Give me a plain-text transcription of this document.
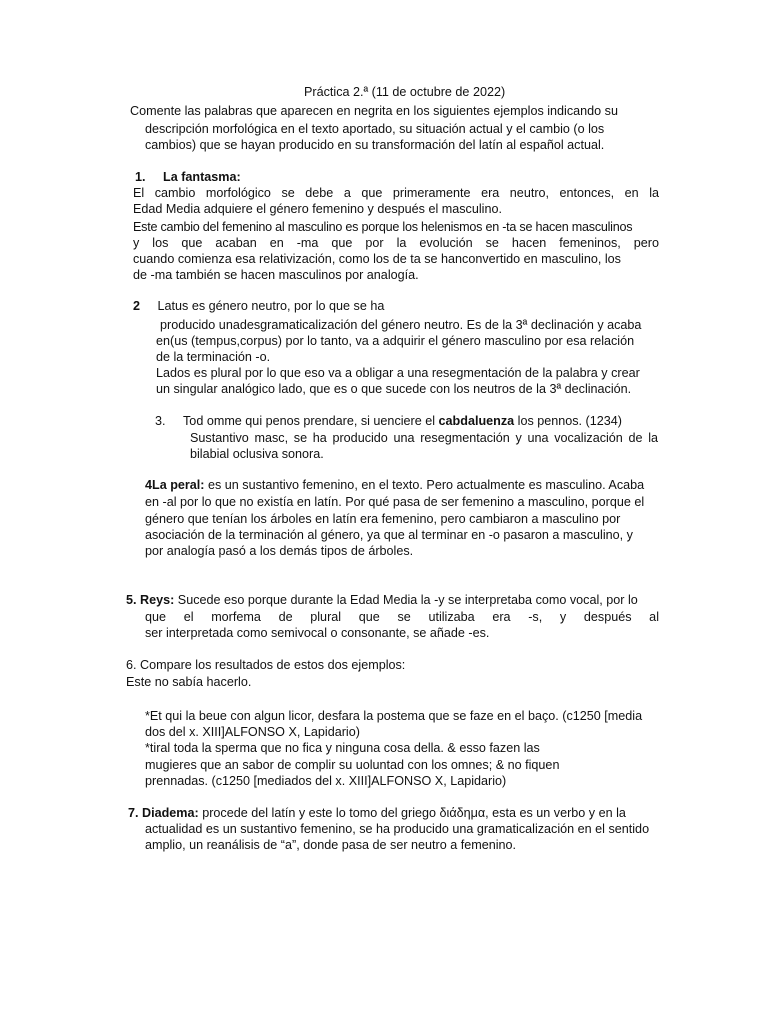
Práctica 2.ª (11 de octubre de 2022)
Comente las palabras que aparecen en negrita en los siguientes ejemplos indicando su
descripción morfológica en el texto aportado, su situación actual y el cambio (o los
cambios) que se hayan producido en su transformación del latín al español actual.
1. La fantasma:
El cambio morfológico se debe a que primeramente era neutro, entonces, en la
Edad Media adquiere el género femenino y después el masculino.
Este cambio del femenino al masculino es porque los helenismos en -ta se hacen masculinos
y los que acaban en -ma que por la evolución se hacen femeninos, pero
cuando comienza esa relativización, como los de ta se hanconvertido en masculino, los
de -ma también se hacen masculinos por analogía.
2 Latus es género neutro, por lo que se ha
producido unadesgramaticalización del género neutro. Es de la 3ª declinación y acaba
en(us (tempus,corpus) por lo tanto, va a adquirir el género masculino por esa relación
de la terminación -o.
Lados es plural por lo que eso va a obligar a una resegmentación de la palabra y crear
un singular analógico lado, que es o que sucede con los neutros de la 3ª declinación.
3. Tod omme qui penos prendare, si uenciere el cabdaluenza los pennos. (1234)
Sustantivo masc, se ha producido una resegmentación y una vocalización de la
bilabial oclusiva sonora.
4La peral: es un sustantivo femenino, en el texto. Pero actualmente es masculino. Acaba
en -al por lo que no existía en latín. Por qué pasa de ser femenino a masculino, porque el
género que tenían los árboles en latín era femenino, pero cambiaron a masculino por
asociación de la terminación al género, ya que al terminar en -o pasaron a masculino, y
por analogía pasó a los demás tipos de árboles.
5. Reys: Sucede eso porque durante la Edad Media la -y se interpretaba como vocal, por lo
que el morfema de plural que se utilizaba era -s, y después al
ser interpretada como semivocal o consonante, se añade -es.
6. Compare los resultados de estos dos ejemplos:
Este no sabía hacerlo.
*Et qui la beue con algun licor, desfara la postema que se faze en el baço. (c1250 [media
dos del x. XIII]ALFONSO X, Lapidario)
*tiral toda la sperma que no fica y ninguna cosa della. & esso fazen las
mugieres que an sabor de complir su uoluntad con los omnes; & no fiquen
prennadas. (c1250 [mediados del x. XIII]ALFONSO X, Lapidario)
7. Diadema: procede del latín y este lo tomo del griego διάδημα, esta es un verbo y en la
actualidad es un sustantivo femenino, se ha producido una gramaticalización en el sentido
amplio, un reanálisis de “a”, donde pasa de ser neutro a femenino.
